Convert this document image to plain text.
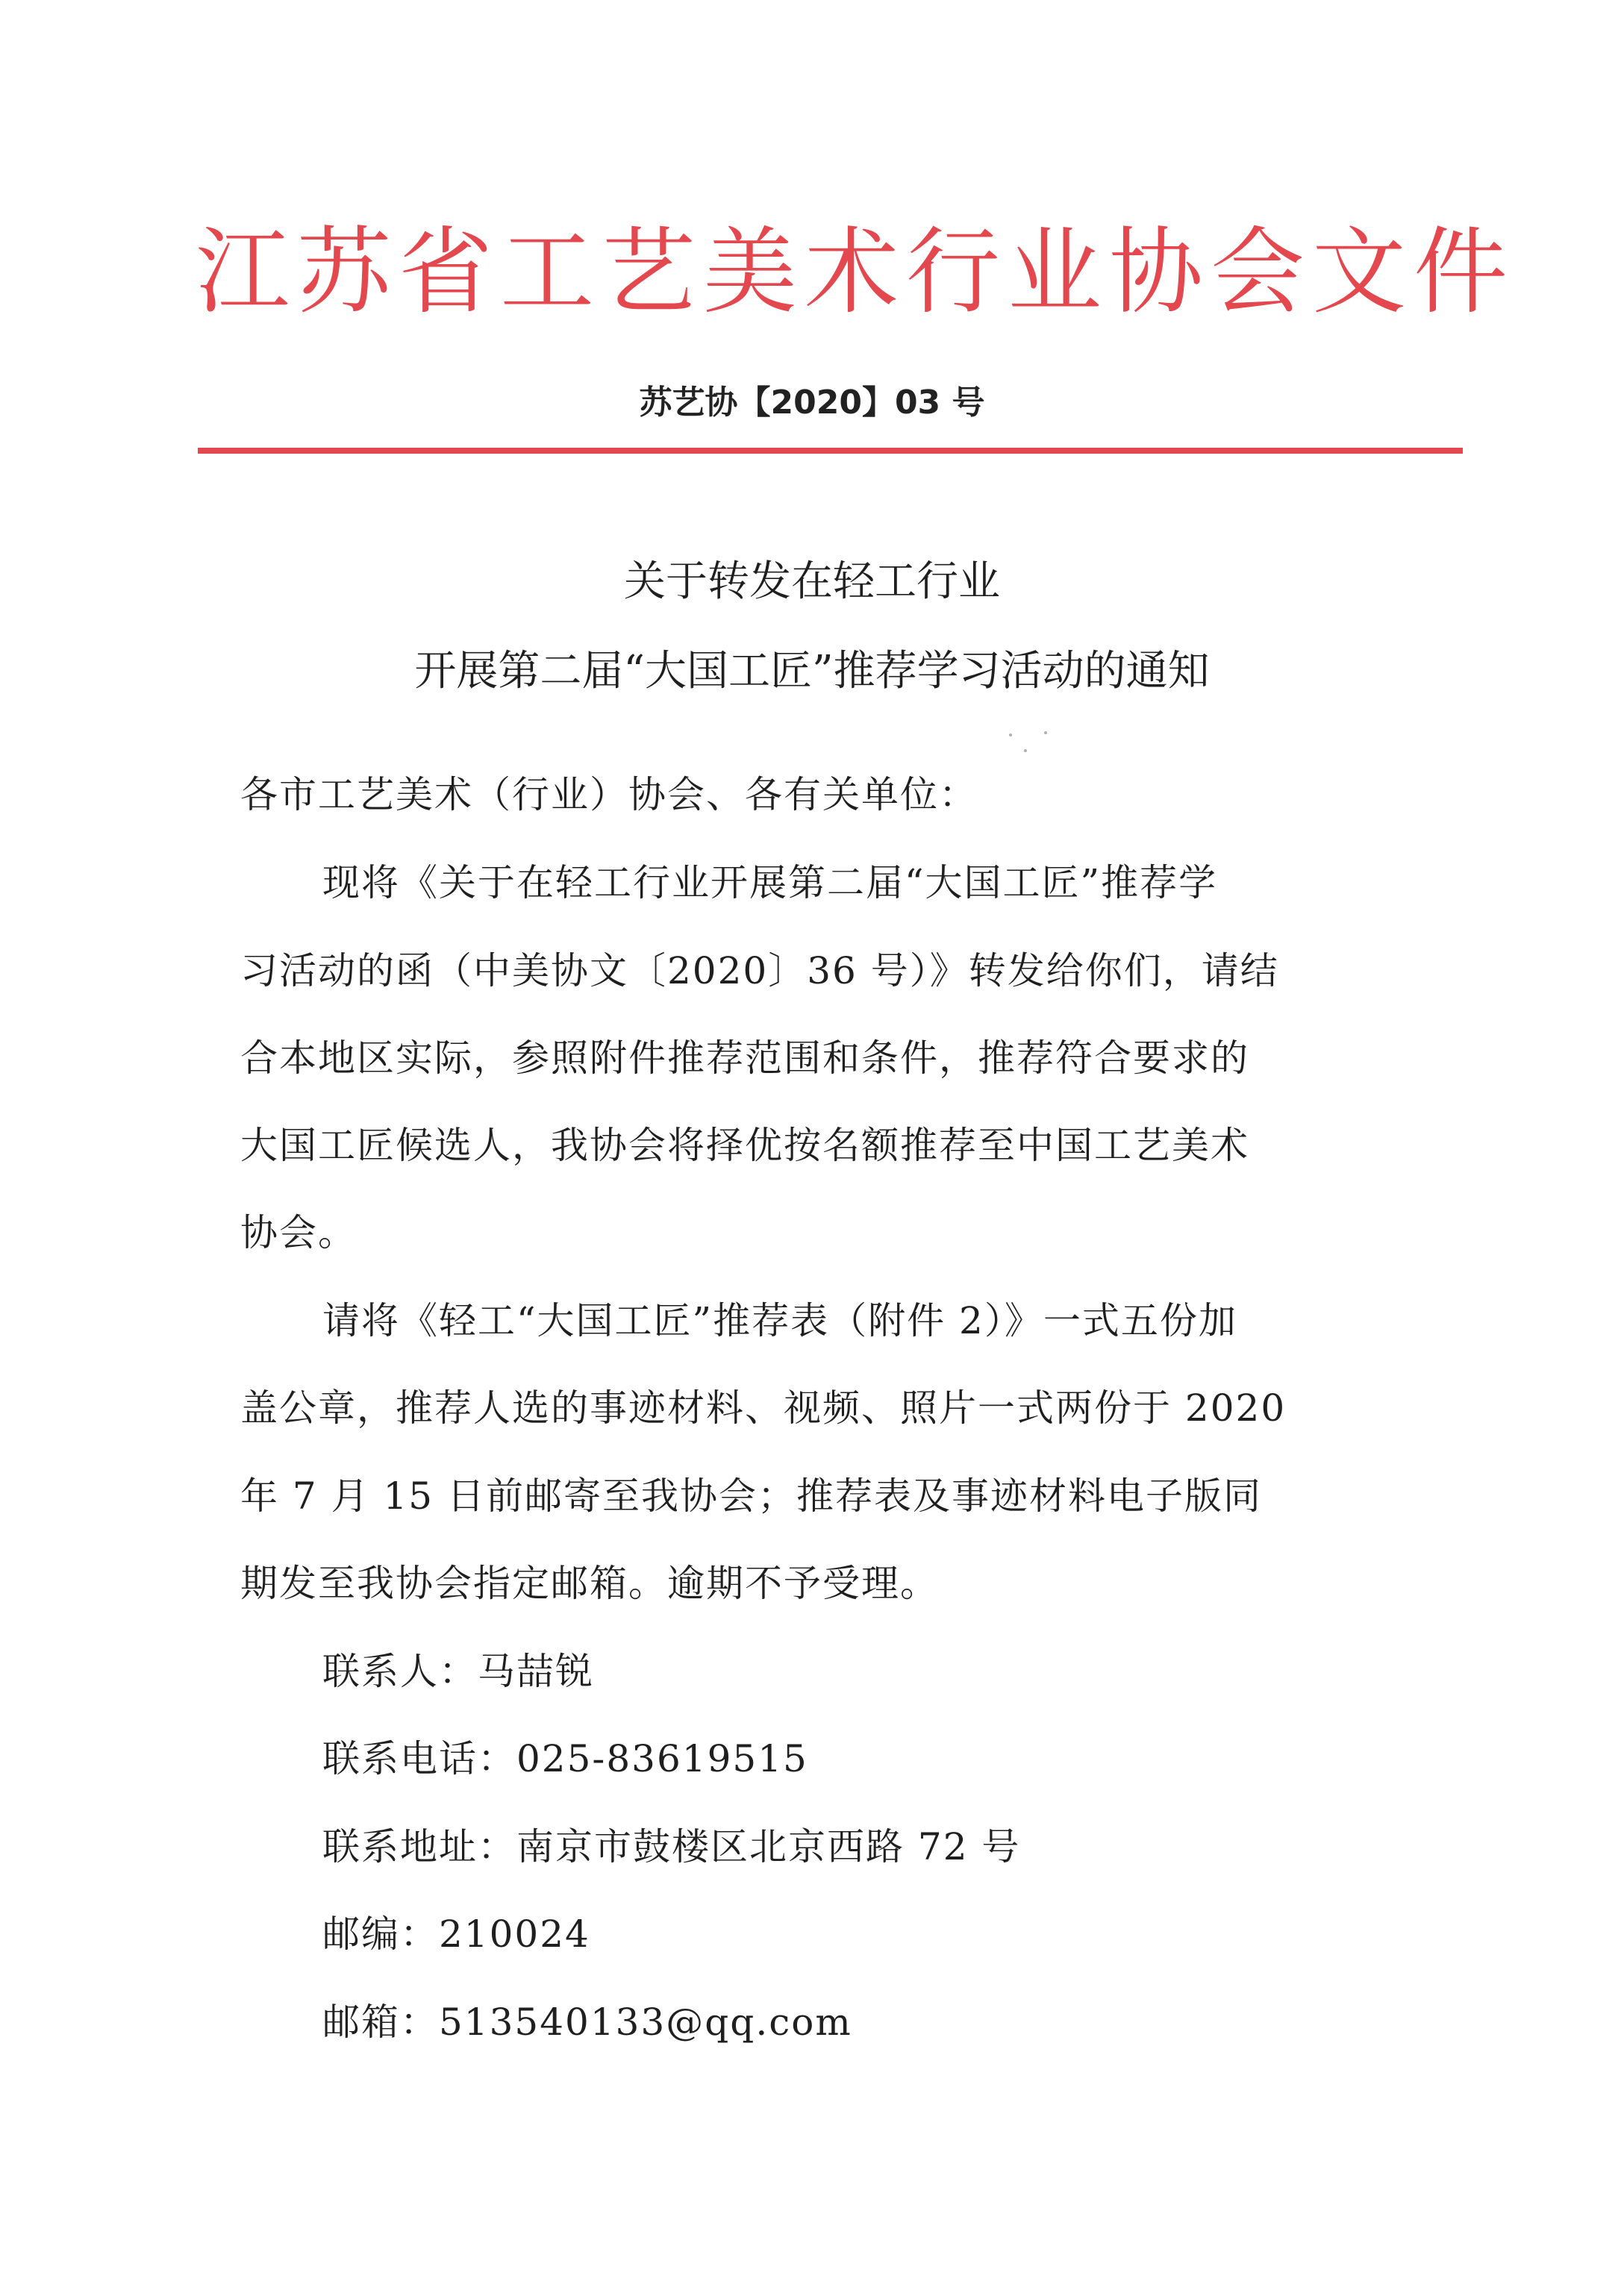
江苏省工艺美术行业协会文件
苏艺协【2020】03 号
关于转发在轻工行业
开展第二届“大国工匠”推荐学习活动的通知
各市工艺美术（行业）协会、各有关单位：
现将《关于在轻工行业开展第二届“大国工匠”推荐学
习活动的函（中美协文〔2020〕36 号）》转发给你们，请结
合本地区实际，参照附件推荐范围和条件，推荐符合要求的
大国工匠候选人，我协会将择优按名额推荐至中国工艺美术
协会。
请将《轻工“大国工匠”推荐表（附件 2）》一式五份加
盖公章，推荐人选的事迹材料、视频、照片一式两份于 2020
年 7 月 15 日前邮寄至我协会；推荐表及事迹材料电子版同
期发至我协会指定邮箱。逾期不予受理。
联系人：马喆锐
联系电话：025-83619515
联系地址：南京市鼓楼区北京西路 72 号
邮编：210024
邮箱：513540133@qq.com
